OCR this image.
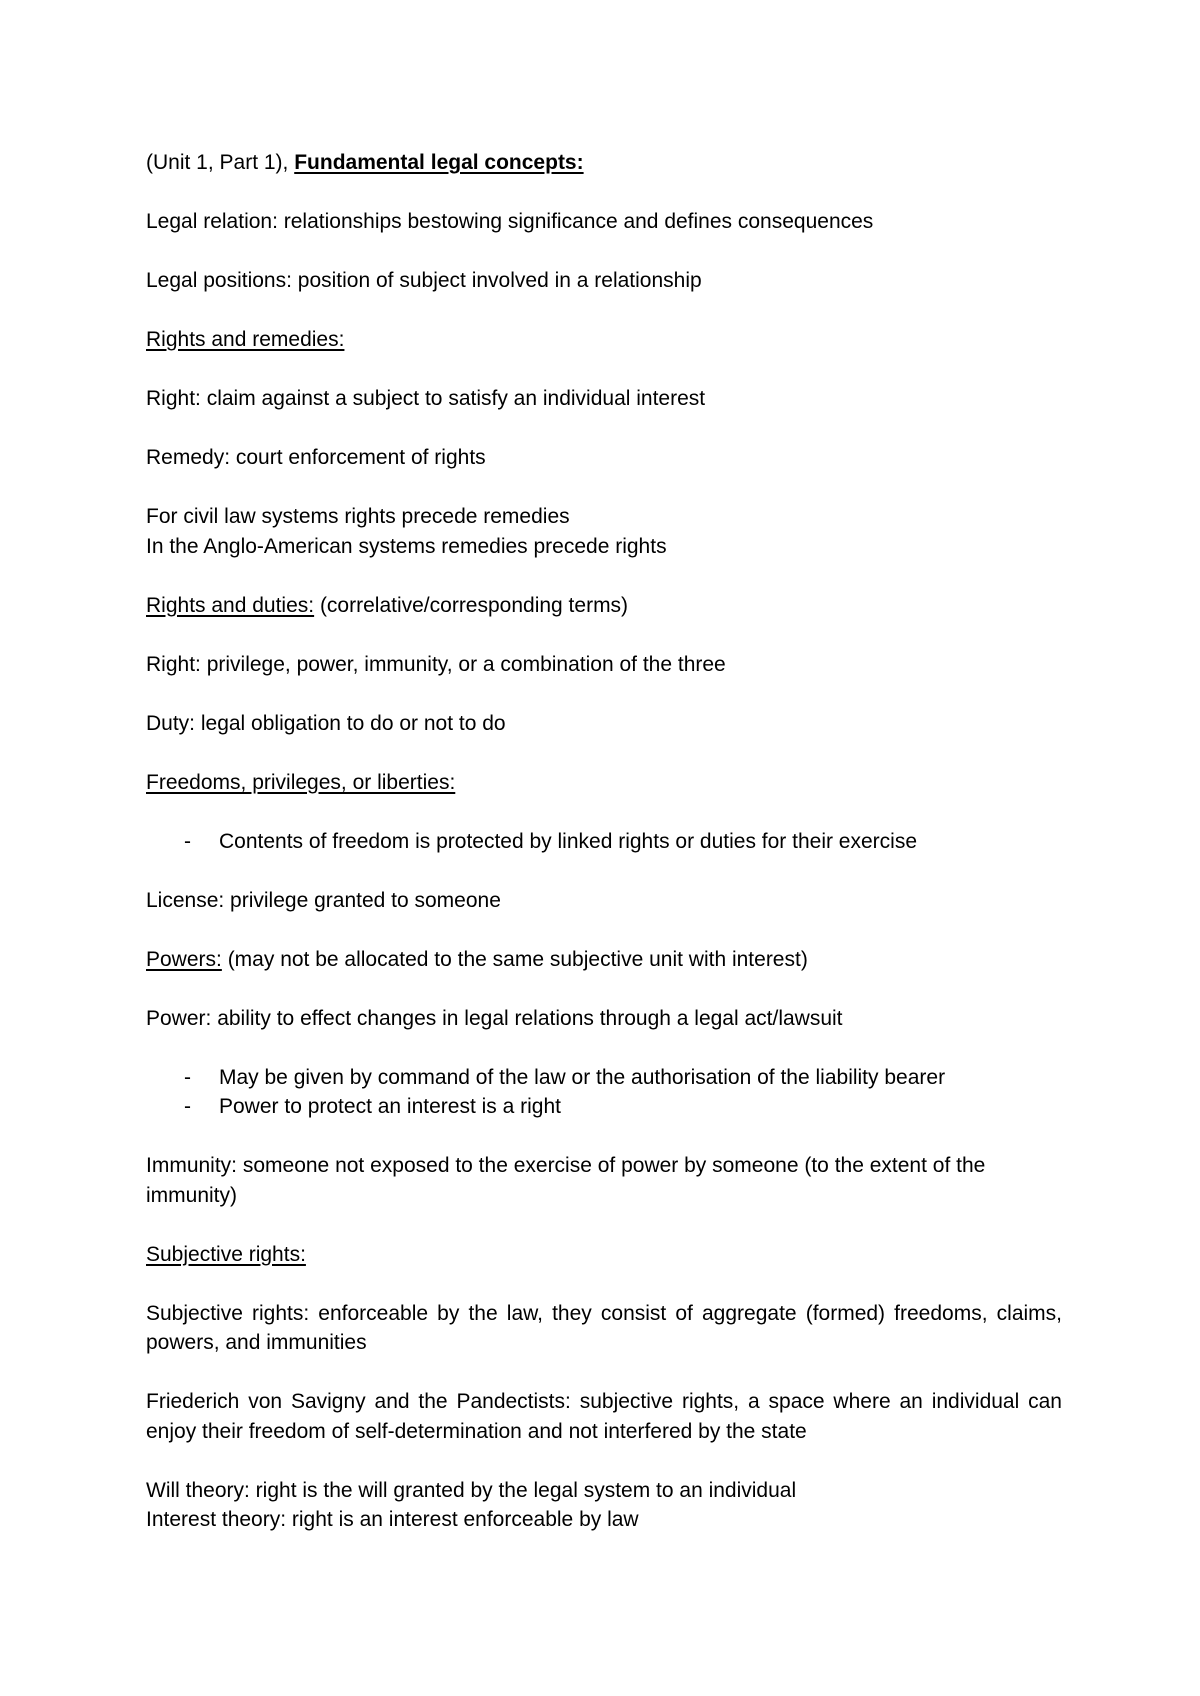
(Unit 1, Part 1), Fundamental legal concepts:

Legal relation: relationships bestowing significance and defines consequences

Legal positions: position of subject involved in a relationship

Rights and remedies:

Right: claim against a subject to satisfy an individual interest

Remedy: court enforcement of rights

For civil law systems rights precede remedies

In the Anglo-American systems remedies precede rights

Rights and duties: (correlative/corresponding terms)

Right: privilege, power, immunity, or a combination of the three

Duty: legal obligation to do or not to do

Freedoms, privileges, or liberties:

- Contents of freedom is protected by linked rights or duties for their exercise

License: privilege granted to someone

Powers: (may not be allocated to the same subjective unit with interest)

Power: ability to effect changes in legal relations through a legal act/lawsuit

- May be given by command of the law or the authorisation of the liability bearer
- Power to protect an interest is a right

Immunity: someone not exposed to the exercise of power by someone (to the extent of the immunity)

Subjective rights:

Subjective rights: enforceable by the law, they consist of aggregate (formed) freedoms, claims, powers, and immunities

Friederich von Savigny and the Pandectists: subjective rights, a space where an individual can enjoy their freedom of self-determination and not interfered by the state

Will theory: right is the will granted by the legal system to an individual

Interest theory: right is an interest enforceable by law
